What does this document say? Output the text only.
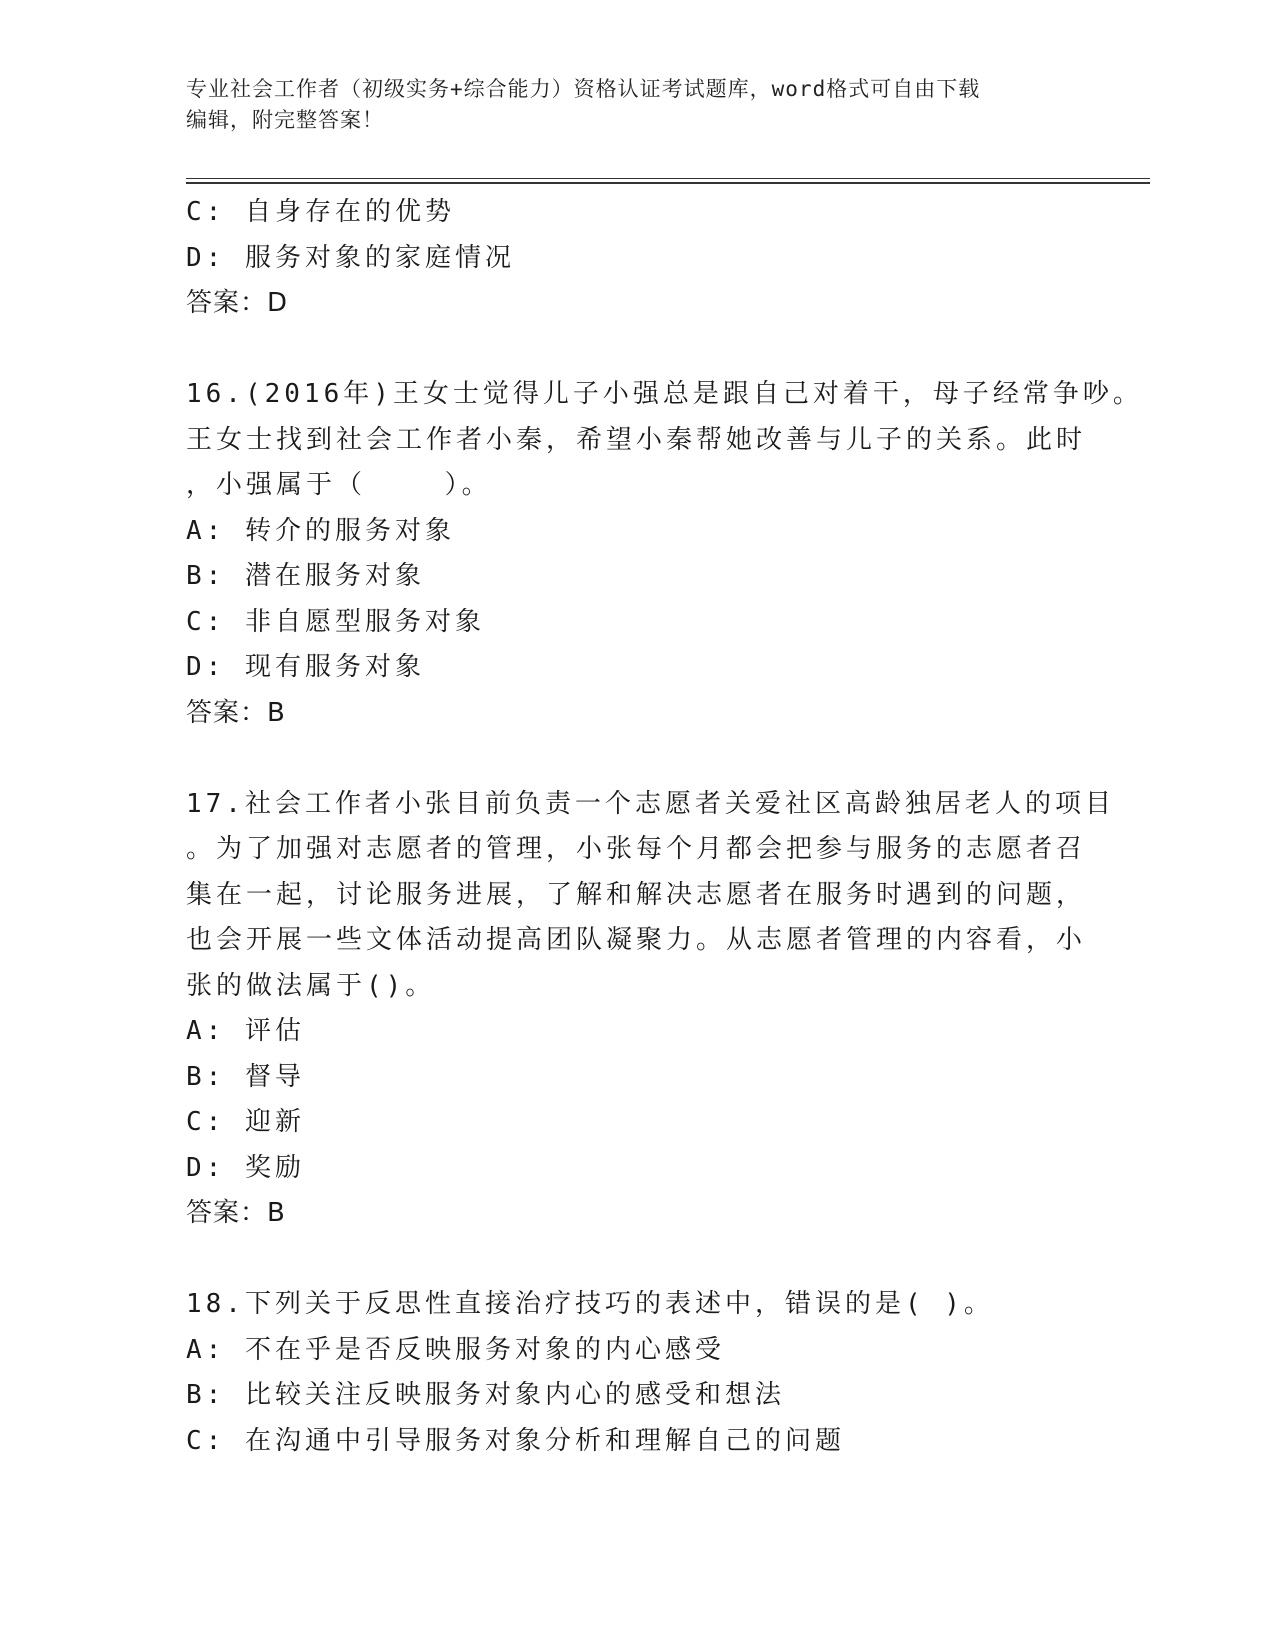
专业社会工作者（初级实务+综合能力）资格认证考试题库，word格式可自由下载
编辑，附完整答案！
C: 自身存在的优势
D: 服务对象的家庭情况
答案：D
16.(2016年)王女士觉得儿子小强总是跟自己对着干，母子经常争吵。
王女士找到社会工作者小秦，希望小秦帮她改善与儿子的关系。此时
，小强属于（    ）。
A: 转介的服务对象
B: 潜在服务对象
C: 非自愿型服务对象
D: 现有服务对象
答案：B
17.社会工作者小张目前负责一个志愿者关爱社区高龄独居老人的项目
。为了加强对志愿者的管理，小张每个月都会把参与服务的志愿者召
集在一起，讨论服务进展，了解和解决志愿者在服务时遇到的问题，
也会开展一些文体活动提高团队凝聚力。从志愿者管理的内容看，小
张的做法属于()。
A: 评估
B: 督导
C: 迎新
D: 奖励
答案：B
18.下列关于反思性直接治疗技巧的表述中，错误的是( )。
A: 不在乎是否反映服务对象的内心感受
B: 比较关注反映服务对象内心的感受和想法
C: 在沟通中引导服务对象分析和理解自己的问题
